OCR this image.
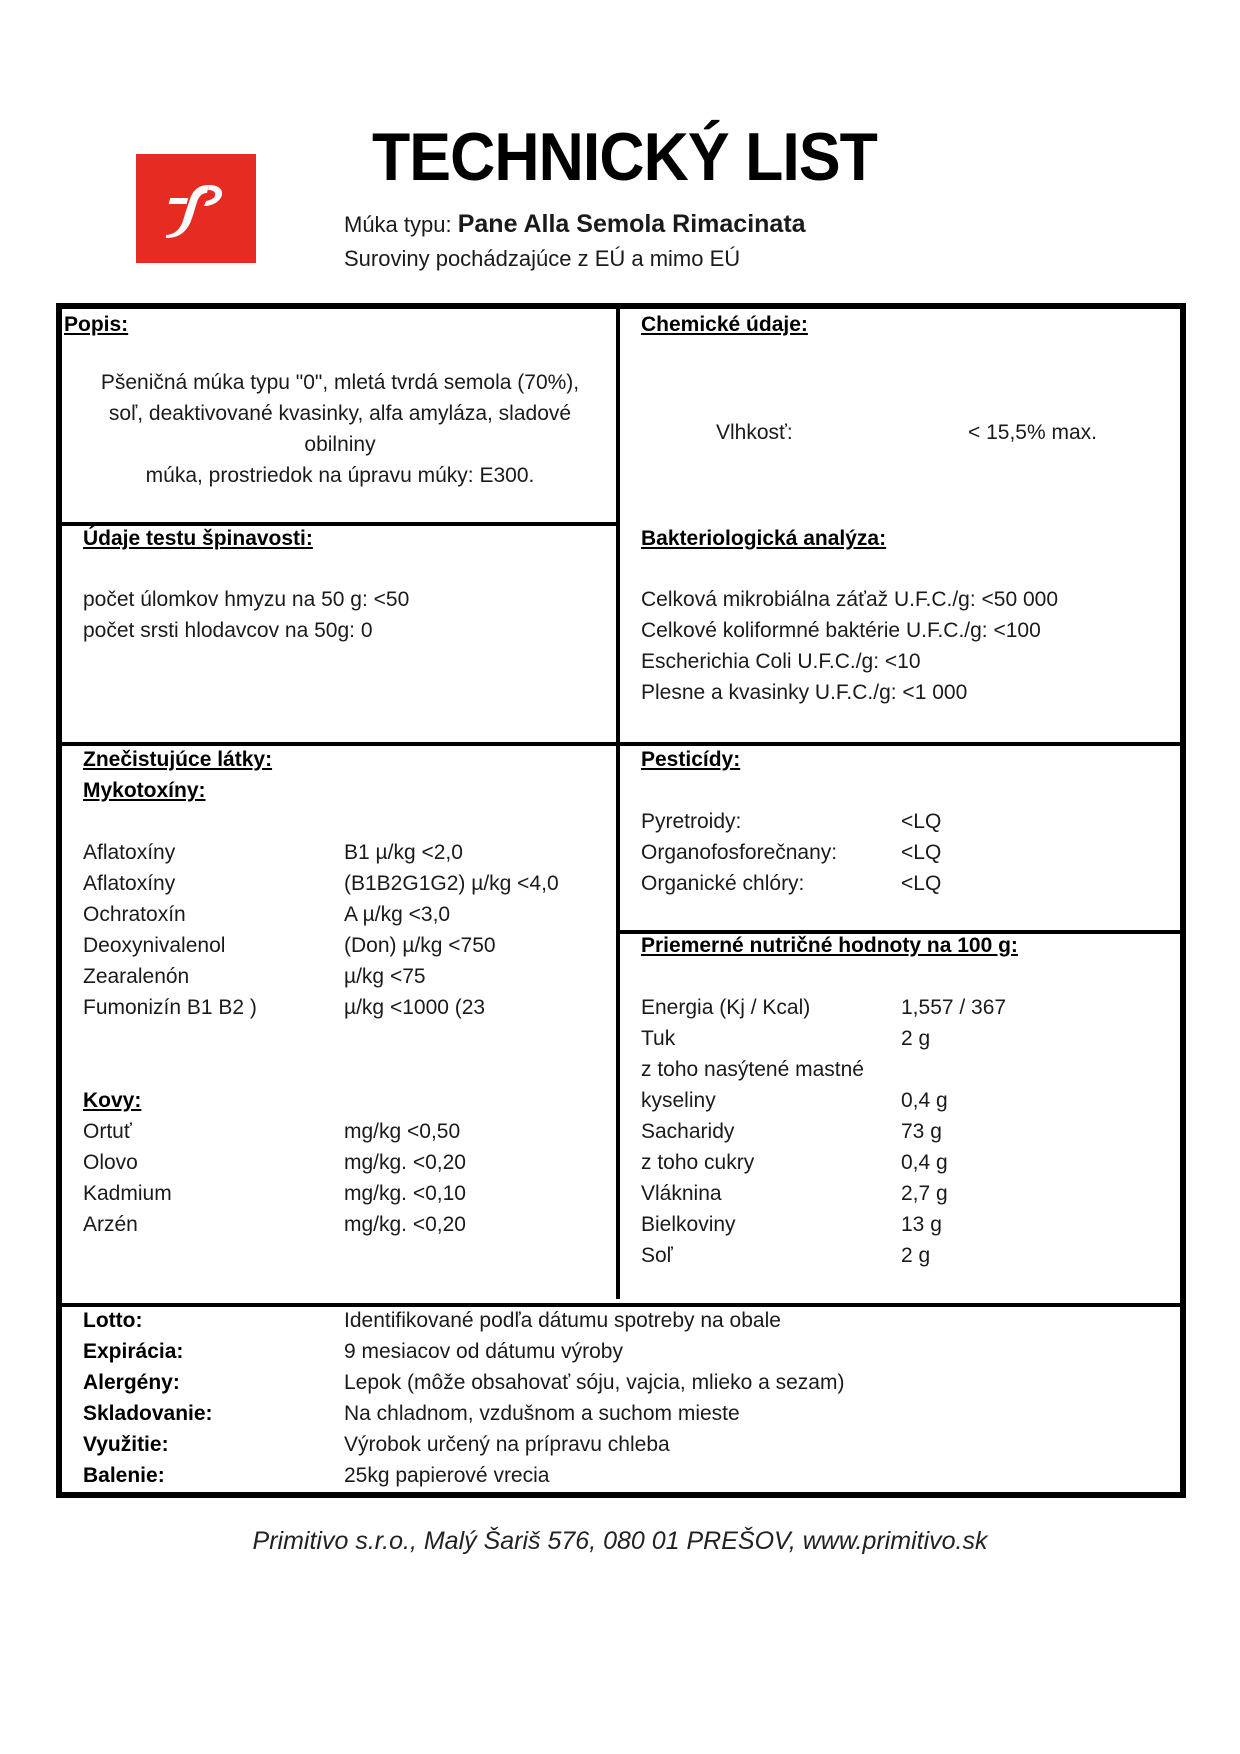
TECHNICKÝ LIST
Múka typu: Pane Alla Semola Rimacinata
Suroviny pochádzajúce z EÚ a mimo EÚ
Popis:
Pšeničná múka typu "0", mletá tvrdá semola (70%),
soľ, deaktivované kvasinky, alfa amyláza, sladové
obilniny
múka, prostriedok na úpravu múky: E300.
Chemické údaje:
Vlhkosť:	< 15,5% max.
Údaje testu špinavosti:
počet úlomkov hmyzu na 50 g: <50
počet srsti hlodavcov na 50g: 0
Bakteriologická analýza:
Celková mikrobiálna záťaž U.F.C./g: <50 000
Celkové koliformné baktérie U.F.C./g: <100
Escherichia Coli U.F.C./g: <10
Plesne a kvasinky U.F.C./g: <1 000
Znečistujúce látky:
Mykotoxíny:
Aflatoxíny	B1 µ/kg <2,0
Aflatoxíny	(B1B2G1G2) µ/kg <4,0
Ochratoxín	A µ/kg <3,0
Deoxynivalenol	(Don) µ/kg <750
Zearalenón	µ/kg <75
Fumonizín B1 B2 )	µ/kg <1000 (23
Kovy:
Ortuť	mg/kg <0,50
Olovo	mg/kg. <0,20
Kadmium	mg/kg. <0,10
Arzén	mg/kg. <0,20
Pesticídy:
Pyretroidy:	<LQ
Organofosforečnany:	<LQ
Organické chlóry:	<LQ
Priemerné nutričné hodnoty na 100 g:
Energia (Kj / Kcal)	1,557 / 367
Tuk	2 g
z toho nasýtené mastné
kyseliny	0,4 g
Sacharidy	73 g
z toho cukry	0,4 g
Vláknina	2,7 g
Bielkoviny	13 g
Soľ	2 g
Lotto:	Identifikované podľa dátumu spotreby na obale
Expirácia:	9 mesiacov od dátumu výroby
Alergény:	Lepok (môže obsahovať sóju, vajcia, mlieko a sezam)
Skladovanie:	Na chladnom, vzdušnom a suchom mieste
Využitie:	Výrobok určený na prípravu chleba
Balenie:	25kg papierové vrecia
Primitivo s.r.o., Malý Šariš 576, 080 01 PREŠOV, www.primitivo.sk
